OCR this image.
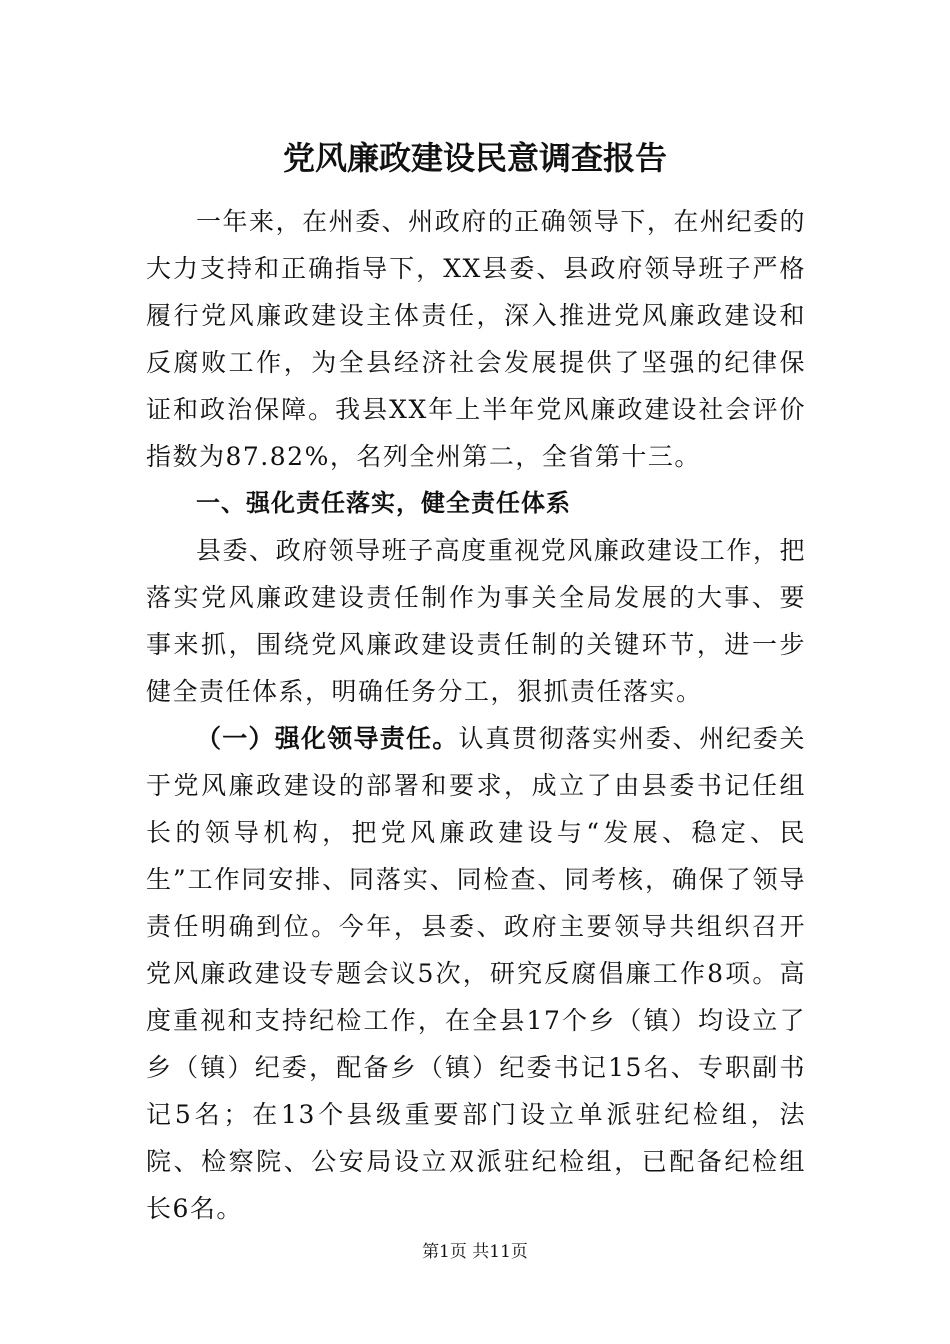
党风廉政建设民意调查报告

一年来，在州委、州政府的正确领导下，在州纪委的大力支持和正确指导下，XX县委、县政府领导班子严格履行党风廉政建设主体责任，深入推进党风廉政建设和反腐败工作，为全县经济社会发展提供了坚强的纪律保证和政治保障。我县XX年上半年党风廉政建设社会评价指数为87.82%，名列全州第二，全省第十三。

一、强化责任落实，健全责任体系

县委、政府领导班子高度重视党风廉政建设工作，把落实党风廉政建设责任制作为事关全局发展的大事、要事来抓，围绕党风廉政建设责任制的关键环节，进一步健全责任体系，明确任务分工，狠抓责任落实。

（一）强化领导责任。认真贯彻落实州委、州纪委关于党风廉政建设的部署和要求，成立了由县委书记任组长的领导机构，把党风廉政建设与“发展、稳定、民生”工作同安排、同落实、同检查、同考核，确保了领导责任明确到位。今年，县委、政府主要领导共组织召开党风廉政建设专题会议5次，研究反腐倡廉工作8项。高度重视和支持纪检工作，在全县17个乡（镇）均设立了乡（镇）纪委，配备乡（镇）纪委书记15名、专职副书记5名；在13个县级重要部门设立单派驻纪检组，法院、检察院、公安局设立双派驻纪检组，已配备纪检组长6名。

第1页 共11页
